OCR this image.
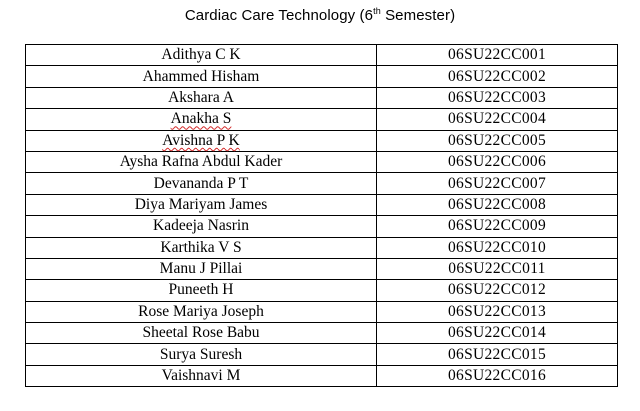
Cardiac Care Technology (6th Semester)
Adithya C K	06SU22CC001
Ahammed Hisham	06SU22CC002
Akshara A	06SU22CC003
Anakha S	06SU22CC004
Avishna P K	06SU22CC005
Aysha Rafna Abdul Kader	06SU22CC006
Devananda P T	06SU22CC007
Diya Mariyam James	06SU22CC008
Kadeeja Nasrin	06SU22CC009
Karthika V S	06SU22CC010
Manu J Pillai	06SU22CC011
Puneeth H	06SU22CC012
Rose Mariya Joseph	06SU22CC013
Sheetal Rose Babu	06SU22CC014
Surya Suresh	06SU22CC015
Vaishnavi M	06SU22CC016
